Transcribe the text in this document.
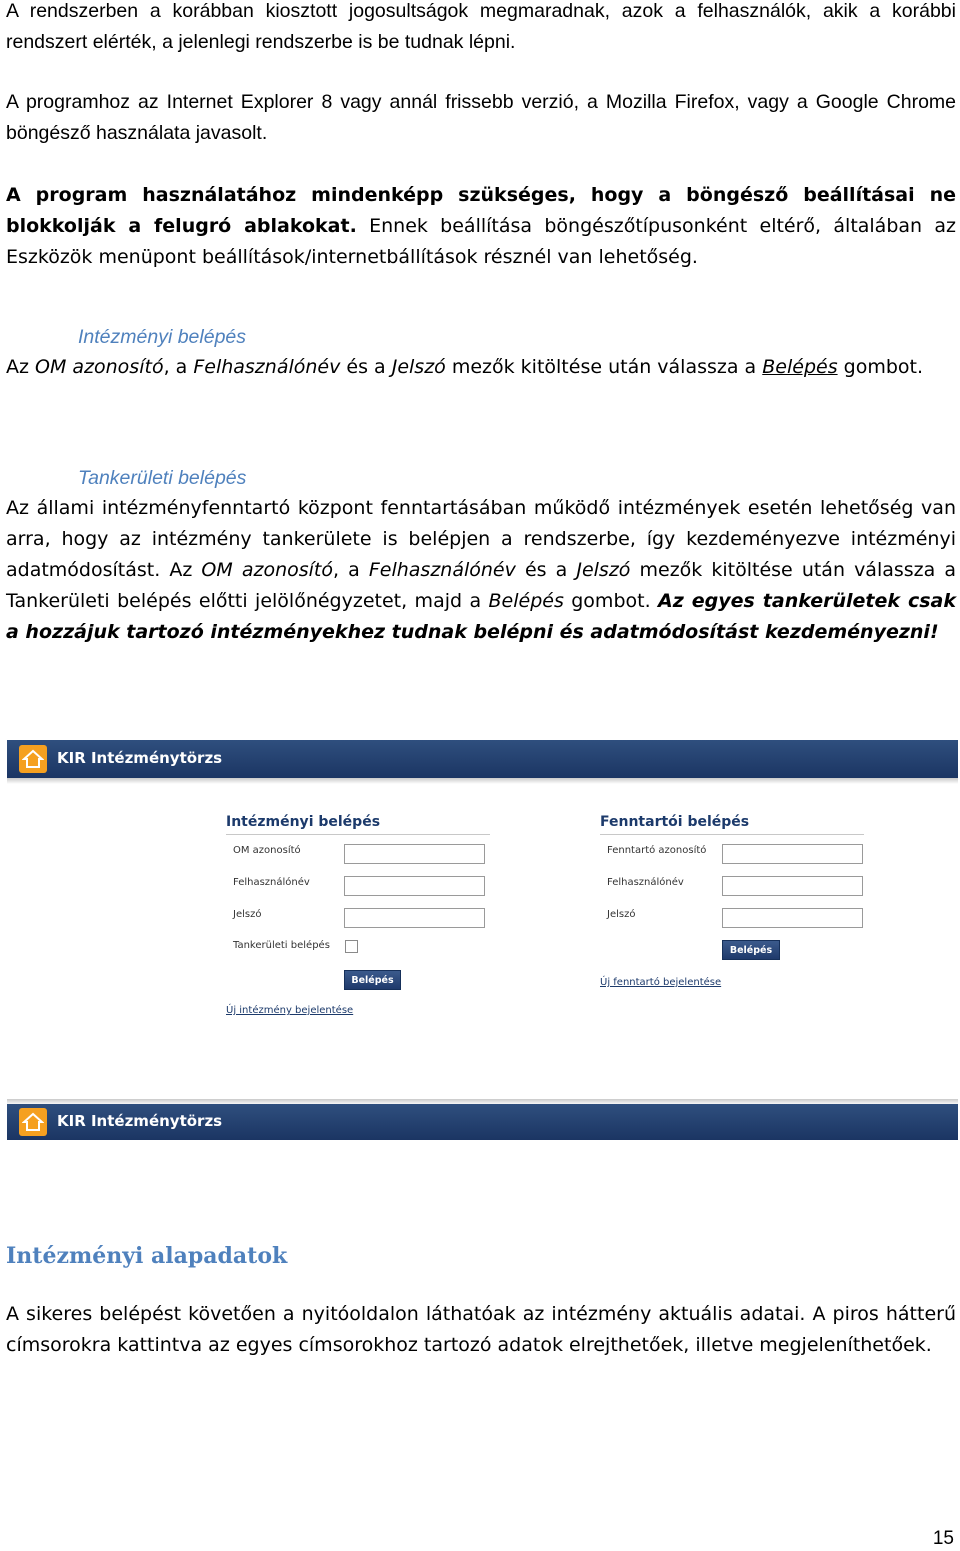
A rendszerben a korábban kiosztott jogosultságok megmaradnak, azok a felhasználók, akik a korábbi rendszert elérték, a jelenlegi rendszerbe is be tudnak lépni.
A programhoz az Internet Explorer 8 vagy annál frissebb verzió, a Mozilla Firefox, vagy a Google Chrome böngésző használata javasolt.
A program használatához mindenképp szükséges, hogy a böngésző beállításai ne blokkolják a felugró ablakokat. Ennek beállítása böngészőtípusonként eltérő, általában az Eszközök menüpont beállítások/internetbállítások résznél van lehetőség.
Intézményi belépés
Az OM azonosító, a Felhasználónév és a Jelszó mezők kitöltése után válassza a Belépés gombot.
Tankerületi belépés
Az állami intézményfenntartó központ fenntartásában működő intézmények esetén lehetőség van arra, hogy az intézmény tankerülete is belépjen a rendszerbe, így kezdeményezve intézményi adatmódosítást. Az OM azonosító, a Felhasználónév és a Jelszó mezők kitöltése után válassza a Tankerületi belépés előtti jelölőnégyzetet, majd a Belépés gombot. Az egyes tankerületek csak a hozzájuk tartozó intézményekhez tudnak belépni és adatmódosítást kezdeményezni!
KIR Intézménytörzs
Intézményi belépés
OM azonosító
Felhasználónév
Jelszó
Tankerületi belépés
Belépés
Új intézmény bejelentése
Fenntartói belépés
Fenntartó azonosító
Felhasználónév
Jelszó
Belépés
Új fenntartó bejelentése
KIR Intézménytörzs
Intézményi alapadatok
A sikeres belépést követően a nyitóoldalon láthatóak az intézmény aktuális adatai. A piros hátterű címsorokra kattintva az egyes címsorokhoz tartozó adatok elrejthetőek, illetve megjeleníthetőek.
15
